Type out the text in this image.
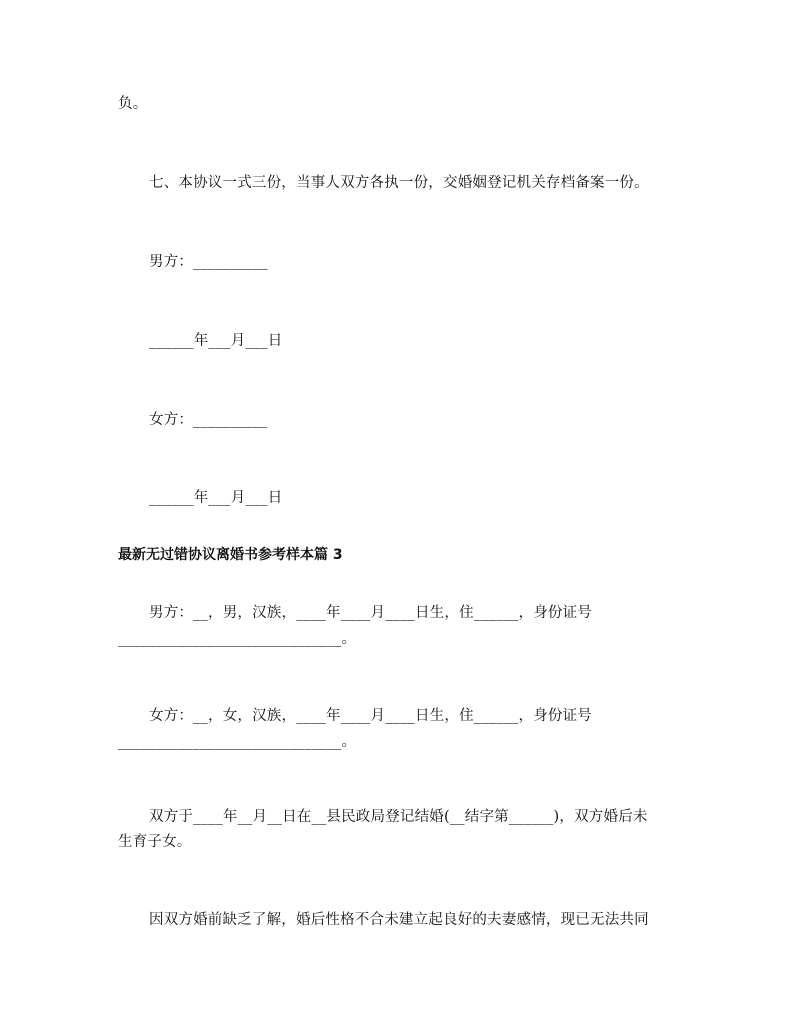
负。
七、本协议一式三份，当事人双方各执一份，交婚姻登记机关存档备案一份。
男方：__________
______年___月___日
女方：__________
______年___月___日
最新无过错协议离婚书参考样本篇 3
男方：__，男，汉族，____年____月____日生，住______，身份证号
______________________________。
女方：__，女，汉族，____年____月____日生，住______，身份证号
______________________________。
双方于____年__月__日在__县民政局登记结婚(__结字第______)，双方婚后未
生育子女。
因双方婚前缺乏了解，婚后性格不合未建立起良好的夫妻感情，现已无法共同
